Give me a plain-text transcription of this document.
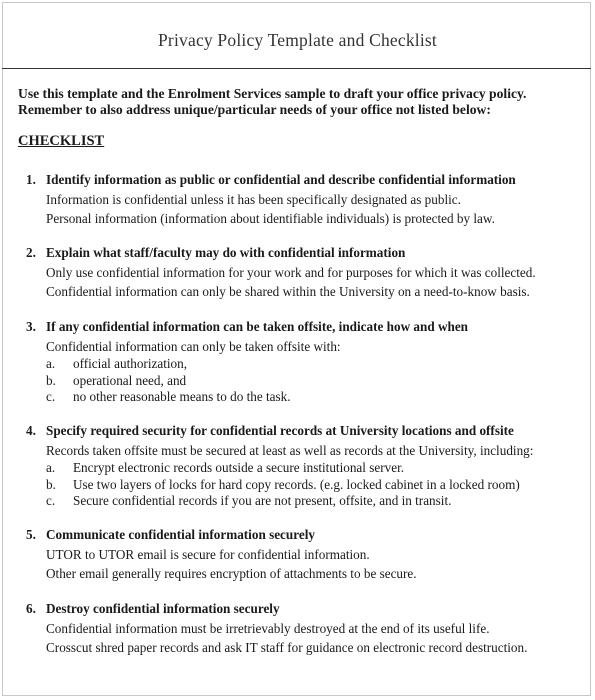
Privacy Policy Template and Checklist
Use this template and the Enrolment Services sample to draft your office privacy policy.
Remember to also address unique/particular needs of your office not listed below:
CHECKLIST
1. Identify information as public or confidential and describe confidential information
Information is confidential unless it has been specifically designated as public.
Personal information (information about identifiable individuals) is protected by law.
2. Explain what staff/faculty may do with confidential information
Only use confidential information for your work and for purposes for which it was collected.
Confidential information can only be shared within the University on a need-to-know basis.
3. If any confidential information can be taken offsite, indicate how and when
Confidential information can only be taken offsite with:
a. official authorization,
b. operational need, and
c. no other reasonable means to do the task.
4. Specify required security for confidential records at University locations and offsite
Records taken offsite must be secured at least as well as records at the University, including:
a. Encrypt electronic records outside a secure institutional server.
b. Use two layers of locks for hard copy records. (e.g. locked cabinet in a locked room)
c. Secure confidential records if you are not present, offsite, and in transit.
5. Communicate confidential information securely
UTOR to UTOR email is secure for confidential information.
Other email generally requires encryption of attachments to be secure.
6. Destroy confidential information securely
Confidential information must be irretrievably destroyed at the end of its useful life.
Crosscut shred paper records and ask IT staff for guidance on electronic record destruction.
